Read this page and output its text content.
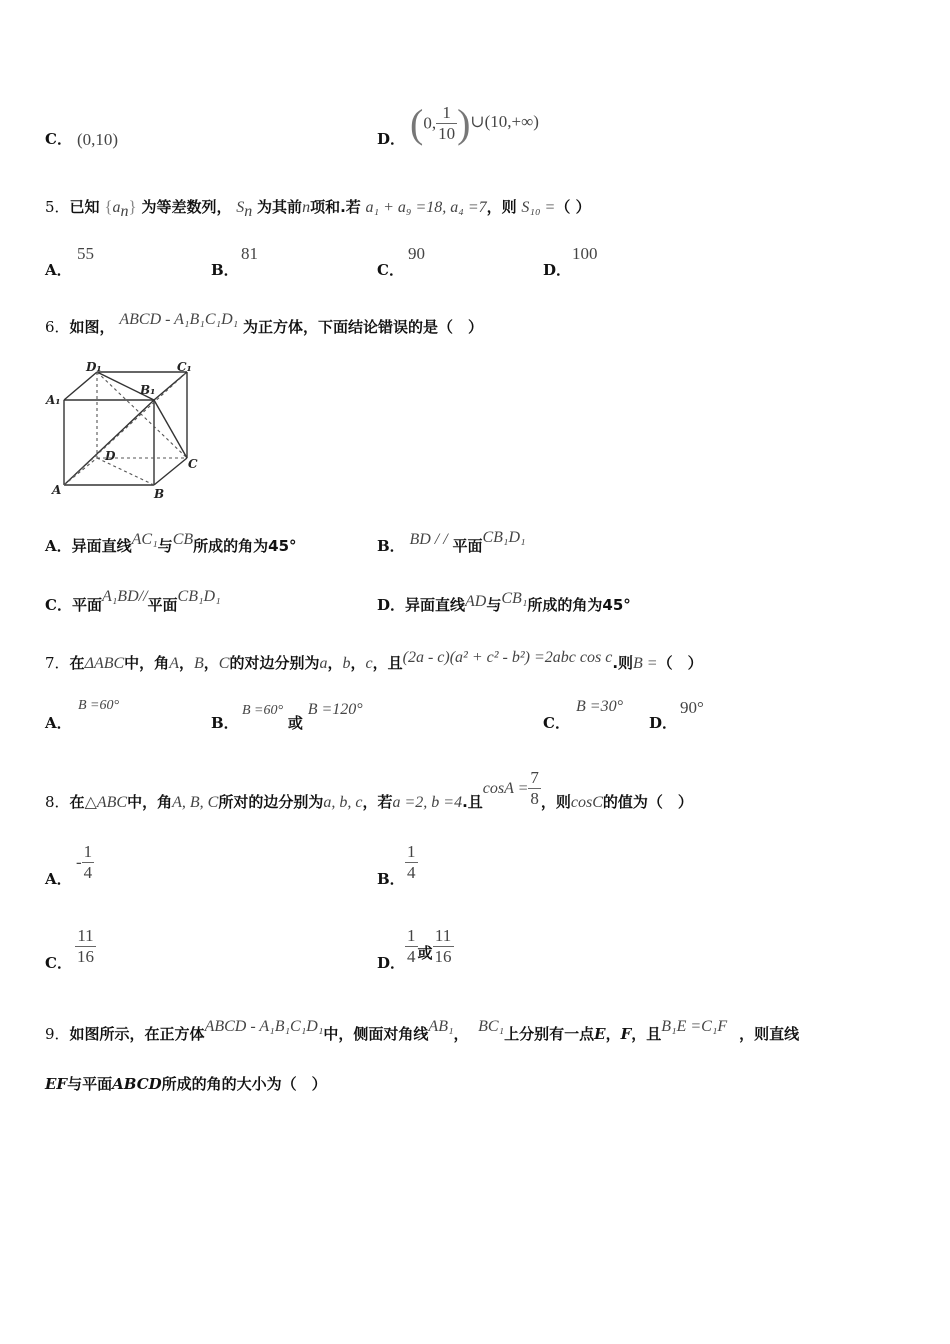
C． (0,10)	D． (0, $\frac{1}{10}$ )∪(10,+∞)
5．已知 $\{a_n\}$ 为等差数列， $S_n$ 为其前n项和.若 a₁ + a₉ =18, a₄ =7，则 S₁₀ =（ ）
A．
55
B．
81
C．
90
D．
100
6．如图， ABCD - A₁B₁C₁D₁ 为正方体，下面结论错误的是（　）
D₁	C₁
B₁
A₁
D
C
A	B
A．异面直线AC₁与CB所成的角为45°	B． BD / / 平面CB₁D₁
C．平面A₁BD//平面CB₁D₁	D．异面直线AD与CB₁所成的角为45°
7．在ΔABC中，角A，B，C的对边分别为a，b，c，且(2a - c)(a² + c² - b²) =2abc cos c.则B =（　）
A．
B =60°
B．
B =60° 或 B =120°
C．
B =30°
D．
90°
8．在△ABC中，角A, B, C所对的边分别为a, b, c，若a =2, b =4.且$\cos A = \frac{7}{8}$ ，则cosC的值为（　）
A．
- $\frac{1}{4}$	B． $\frac{1}{4}$
C． $\frac{11}{16}$	D． $\frac{1}{4}$ 或 $\frac{11}{16}$
9．如图所示，在正方体ABCD - A₁B₁C₁D₁中，侧面对角线AB₁， BC₁上分别有一点E，F，且B₁E =C₁F ，则直线
EF与平面ABCD所成的角的大小为（　）
